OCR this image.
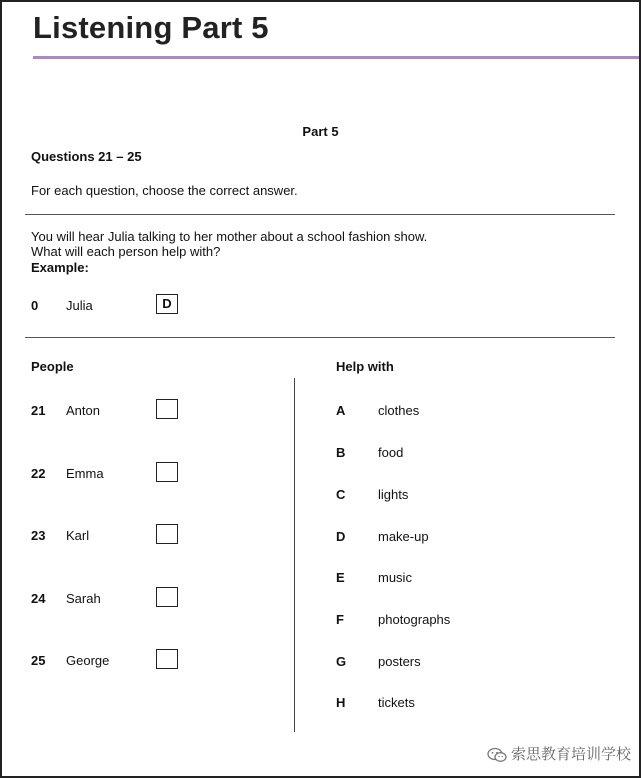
Listening Part 5
Part 5
Questions 21 – 25
For each question, choose the correct answer.
You will hear Julia talking to her mother about a school fashion show.
What will each person help with?
Example:
0 Julia	D
People	Help with
21 Anton
22 Emma
23 Karl
24 Sarah
25 George
A	clothes
B	food
C	lights
D	make-up
E	music
F	photographs
G posters
H	tickets
索思教育培训学校
